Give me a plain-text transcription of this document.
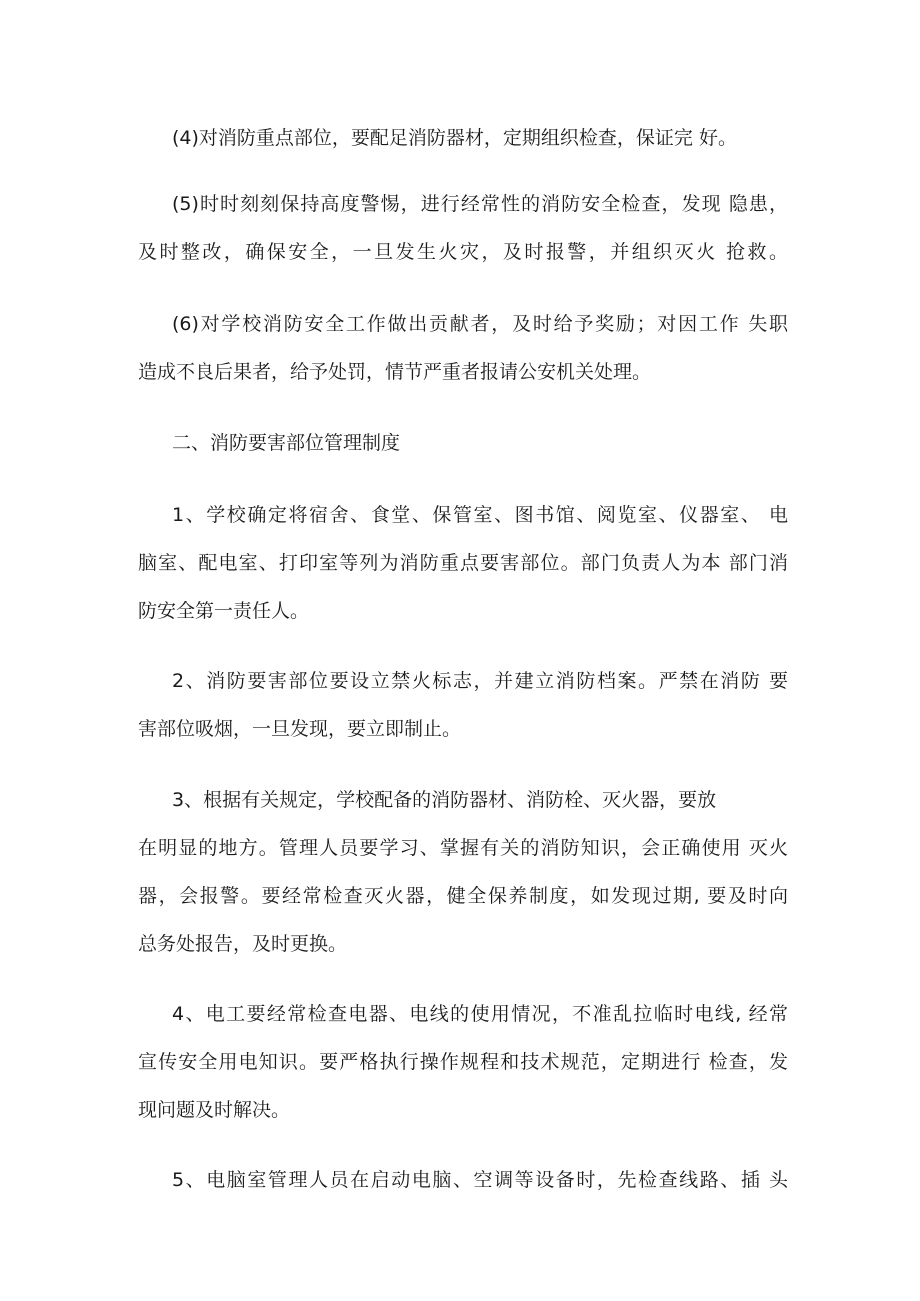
(4)对消防重点部位，要配足消防器材，定期组织检查，保证完 好。
(5)时时刻刻保持高度警惕，进行经常性的消防安全检查，发现 隐患，
及时整改，确保安全，一旦发生火灾，及时报警，并组织灭火 抢救。
(6)对学校消防安全工作做出贡献者，及时给予奖励；对因工作 失职
造成不良后果者，给予处罚，情节严重者报请公安机关处理。
二、消防要害部位管理制度
1、学校确定将宿舍、食堂、保管室、图书馆、阅览室、仪器室、 电
脑室、配电室、打印室等列为消防重点要害部位。部门负责人为本 部门消
防安全第一责任人。
2、消防要害部位要设立禁火标志，并建立消防档案。严禁在消防 要
害部位吸烟，一旦发现，要立即制止。
3、根据有关规定，学校配备的消防器材、消防栓、灭火器，要放
在明显的地方。管理人员要学习、掌握有关的消防知识，会正确使用 灭火
器，会报警。要经常检查灭火器，健全保养制度，如发现过期, 要及时向
总务处报告，及时更换。
4、电工要经常检查电器、电线的使用情况，不准乱拉临时电线, 经常
宣传安全用电知识。要严格执行操作规程和技术规范，定期进行 检查，发
现问题及时解决。
5、电脑室管理人员在启动电脑、空调等设备时，先检查线路、插 头
